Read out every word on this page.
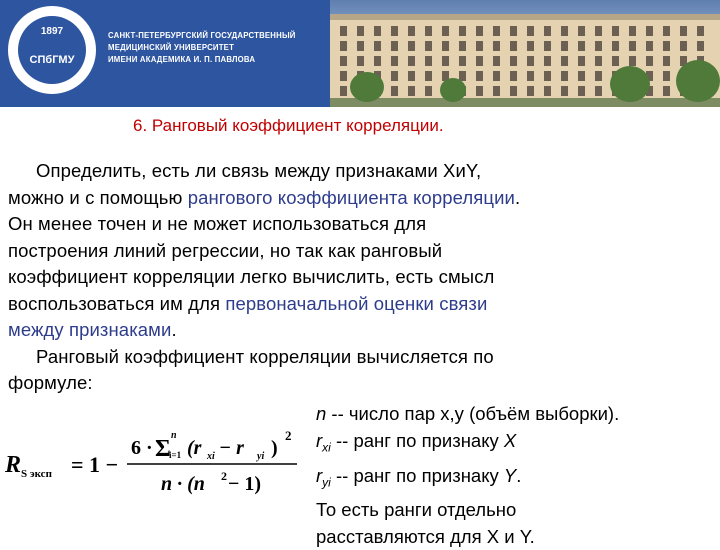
1897
СПбГМУ
САНКТ-ПЕТЕРБУРГСКИЙ ГОСУДАРСТВЕННЫЙ
МЕДИЦИНСКИЙ УНИВЕРСИТЕТ
ИМЕНИ АКАДЕМИКА И. П. ПАВЛОВА
6. Ранговый коэффициент корреляции.
Определить, есть ли связь между признаками ХиY,
можно и с помощью рангового коэффициента корреляции.
Он менее точен и не может использоваться для
построения линий регрессии, но так как ранговый
коэффициент корреляции легко вычислить, есть смысл
воспользоваться им для первоначальной оценки связи
между признаками.
Ранговый коэффициент корреляции вычисляется по
формуле:
R S эксп = 1 −
6 · Σ
n
i=1 (r xi − r yi )
2
n · (n 2 − 1)
n -- число пар x,y (объём выборки).
$r_{xi}$ -- ранг по признаку X
$r_{yi}$ -- ранг по признаку Y.
То есть ранги отдельно
расставляются для Х и Y.
